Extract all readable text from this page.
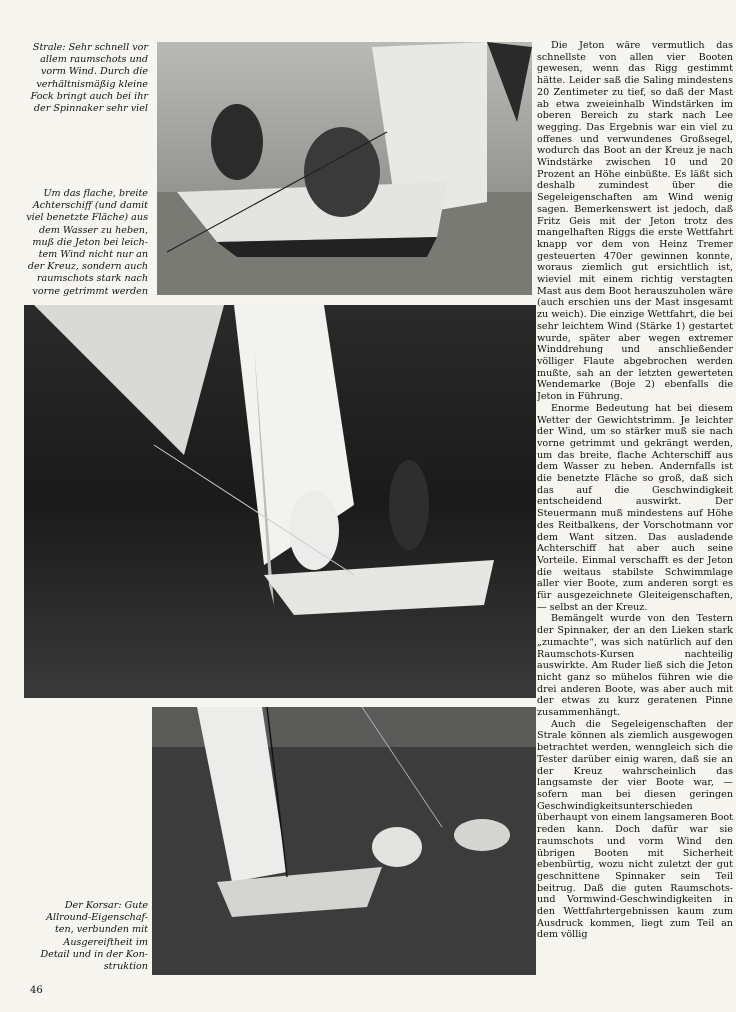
Strale: Sehr schnell vor
allem raumschots und
vorm Wind. Durch die
verhältnismäßig kleine
Fock bringt auch bei ihr
der Spinnaker sehr viel
Um das flache, breite
Achterschiff (und damit
viel benetzte Fläche) aus
dem Wasser zu heben,
muß die Jeton bei leich-
tem Wind nicht nur an
der Kreuz, sondern auch
raumschots stark nach
vorne getrimmt werden
Der Korsar: Gute
Allround-Eigenschaf-
ten, verbunden mit
Ausgereiftheit im
Detail und in der Kon-
struktion

Die Jeton wäre vermutlich das schnellste von allen vier Booten gewesen, wenn das Rigg gestimmt hätte. Leider saß die Saling mindestens 20 Zentimeter zu tief, so daß der Mast ab etwa zweieinhalb Windstärken im oberen Bereich zu stark nach Lee wegging. Das Ergebnis war ein viel zu offenes und verwundenes Großsegel, wodurch das Boot an der Kreuz je nach Windstärke zwischen 10 und 20 Prozent an Höhe einbüßte. Es läßt sich deshalb zumindest über die Segeleigenschaften am Wind wenig sagen. Bemerkenswert ist jedoch, daß Fritz Geis mit der Jeton trotz des mangelhaften Riggs die erste Wettfahrt knapp vor dem von Heinz Tremer gesteuerten 470er gewinnen konnte, woraus ziemlich gut ersichtlich ist, wieviel mit einem richtig verstagten Mast aus dem Boot herauszuholen wäre (auch erschien uns der Mast insgesamt zu weich). Die einzige Wettfahrt, die bei sehr leichtem Wind (Stärke 1) gestartet wurde, später aber wegen extremer Winddrehung und anschließender völliger Flaute abgebrochen werden mußte, sah an der letzten gewerteten Wendemarke (Boje 2) ebenfalls die Jeton in Führung.

Enorme Bedeutung hat bei diesem Wetter der Gewichtstrimm. Je leichter der Wind, um so stärker muß sie nach vorne getrimmt und gekrängt werden, um das breite, flache Achterschiff aus dem Wasser zu heben. Andernfalls ist die benetzte Fläche so groß, daß sich das auf die Geschwindigkeit entscheidend auswirkt. Der Steuermann muß mindestens auf Höhe des Reitbalkens, der Vorschotmann vor dem Want sitzen. Das ausladende Achterschiff hat aber auch seine Vorteile. Einmal verschafft es der Jeton die weitaus stabilste Schwimmlage aller vier Boote, zum anderen sorgt es für ausgezeichnete Gleiteigenschaften, — selbst an der Kreuz.

Bemängelt wurde von den Testern der Spinnaker, der an den Lieken stark „zumachte“, was sich natürlich auf den Raumschots-Kursen nachteilig auswirkte. Am Ruder ließ sich die Jeton nicht ganz so mühelos führen wie die drei anderen Boote, was aber auch mit der etwas zu kurz geratenen Pinne zusammenhängt.

Auch die Segeleigenschaften der Strale können als ziemlich ausgewogen betrachtet werden, wenngleich sich die Tester darüber einig waren, daß sie an der Kreuz wahrscheinlich das langsamste der vier Boote war, — sofern man bei diesen geringen Geschwindigkeitsunterschieden überhaupt von einem langsameren Boot reden kann. Doch dafür war sie raumschots und vorm Wind den übrigen Booten mit Sicherheit ebenbürtig, wozu nicht zuletzt der gut geschnittene Spinnaker sein Teil beitrug. Daß die guten Raumschots- und Vormwind-Geschwindigkeiten in den Wettfahrtergebnissen kaum zum Ausdruck kommen, liegt zum Teil an dem völlig

46
